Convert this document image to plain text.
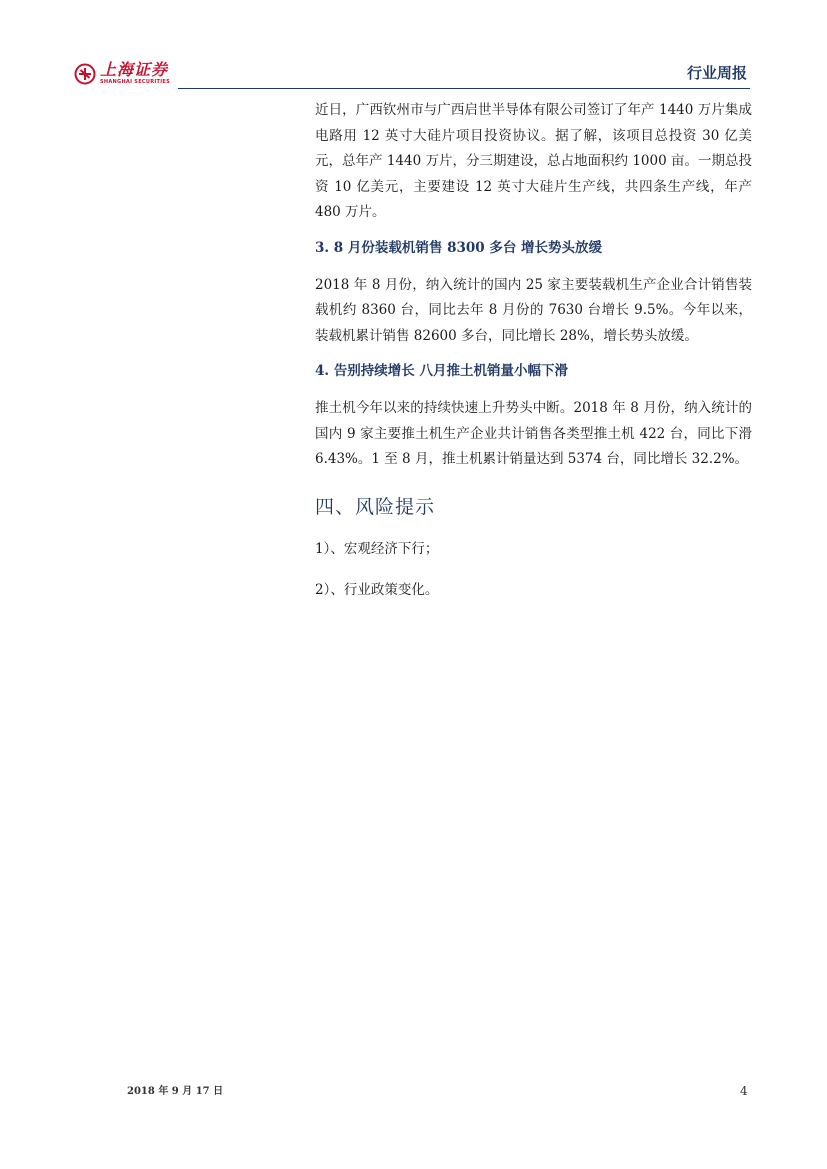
上海证券
SHANGHAI SECURITIES	行业周报

近日，广西钦州市与广西启世半导体有限公司签订了年产 1440 万片集成电路用 12 英寸大硅片项目投资协议。据了解，该项目总投资 30 亿美元，总年产 1440 万片，分三期建设，总占地面积约 1000 亩。一期总投资 10 亿美元，主要建设 12 英寸大硅片生产线，共四条生产线，年产 480 万片。

3. 8 月份装载机销售 8300 多台 增长势头放缓

2018 年 8 月份，纳入统计的国内 25 家主要装载机生产企业合计销售装载机约 8360 台，同比去年 8 月份的 7630 台增长 9.5%。今年以来，装载机累计销售 82600 多台，同比增长 28%，增长势头放缓。

4. 告别持续增长 八月推土机销量小幅下滑

推土机今年以来的持续快速上升势头中断。2018 年 8 月份，纳入统计的国内 9 家主要推土机生产企业共计销售各类型推土机 422 台，同比下滑 6.43%。1 至 8 月，推土机累计销量达到 5374 台，同比增长 32.2%。

四、风险提示

1）、宏观经济下行；

2）、行业政策变化。

2018 年 9 月 17 日	4
